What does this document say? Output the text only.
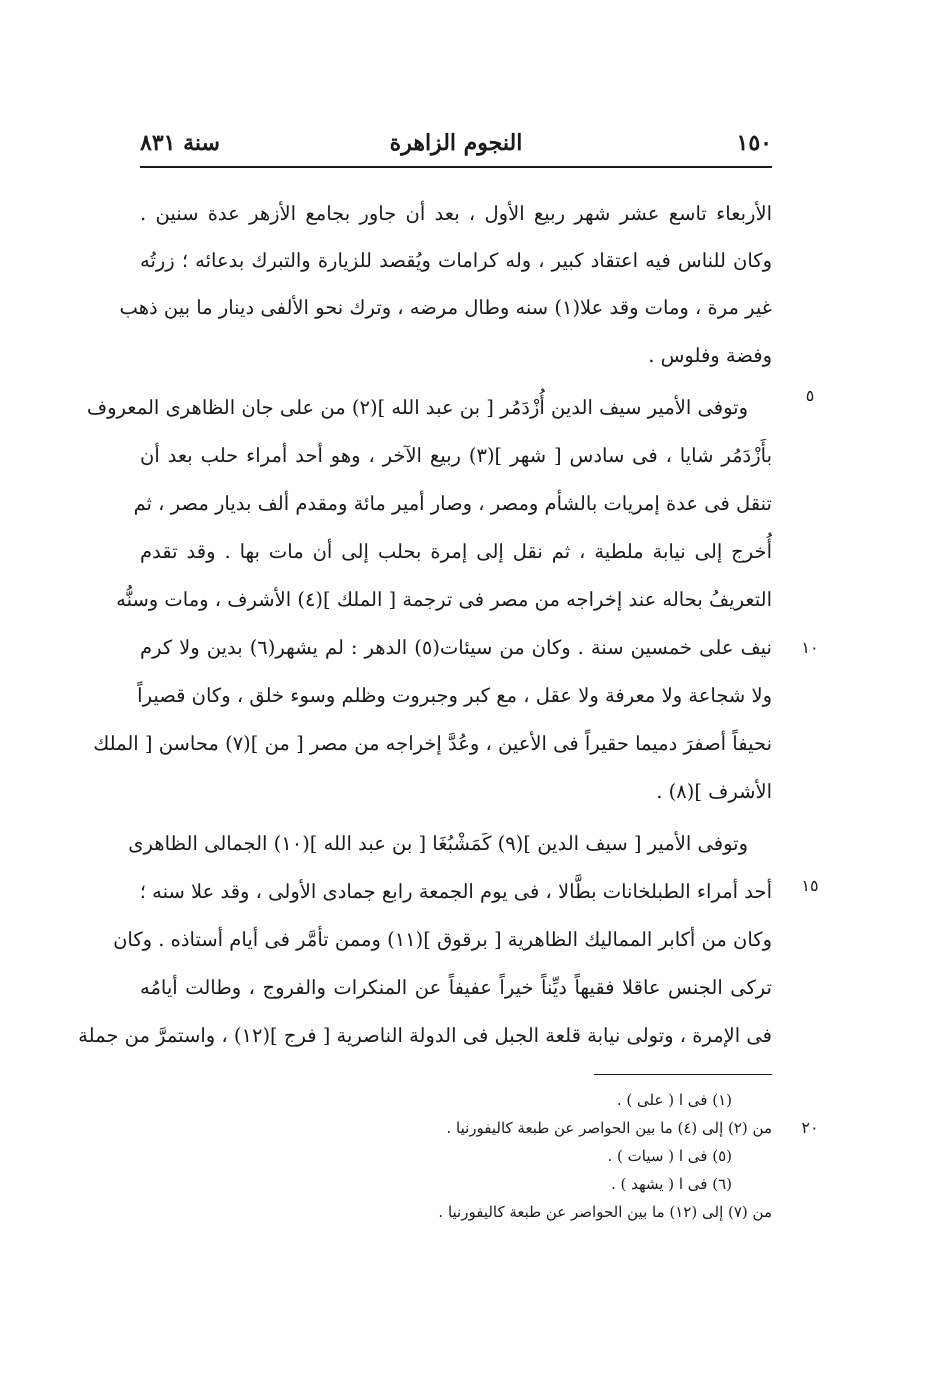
١٥٠
النجوم الزاهرة
سنة ٨٣١
الأربعاء تاسع عشر شهر ربيع الأول ، بعد أن جاور بجامع الأزهر عدة سنين .
وكان للناس فيه اعتقاد كبير ، وله كرامات ويُقصد للزيارة والتبرك بدعائه ؛ زرتُه
غير مرة ، ومات وقد علا(١) سنه وطال مرضه ، وترك نحو الألفى دينار ما بين ذهب
وفضة وفلوس .
وتوفى الأمير سيف الدين أُزْدَمُر [ بن عبد الله ](٢) من على جان الظاهرى المعروف
بأَزْدَمُر شايا ، فى سادس [ شهر ](٣) ربيع الآخر ، وهو أحد أمراء حلب بعد أن
تنقل فى عدة إمريات بالشأم ومصر ، وصار أمير مائة ومقدم ألف بديار مصر ، ثم
أُخرج إلى نيابة ملطية ، ثم نقل إلى إمرة بحلب إلى أن مات بها . وقد تقدم
التعريفُ بحاله عند إخراجه من مصر فى ترجمة [ الملك ](٤) الأشرف ، ومات وسنُّه
نيف على خمسين سنة . وكان من سيئات(٥) الدهر : لم يشهر(٦) بدين ولا كرم
ولا شجاعة ولا معرفة ولا عقل ، مع كبر وجبروت وظلم وسوء خلق ، وكان قصيراً
نحيفاً أصفرَ دميما حقيراً فى الأعين ، وعُدَّ إخراجه من مصر [ من ](٧) محاسن [ الملك
الأشرف ](٨) .
وتوفى الأمير [ سيف الدين ](٩) كَمَشْبُغَا [ بن عبد الله ](١٠) الجمالى الظاهرى
أحد أمراء الطبلخانات بطَّالا ، فى يوم الجمعة رابع جمادى الأولى ، وقد علا سنه ؛
وكان من أكابر المماليك الظاهرية [ برقوق ](١١) وممن تأمَّر فى أيام أستاذه . وكان
تركى الجنس عاقلا فقيهاً ديِّناً خيراً عفيفاً عن المنكرات والفروج ، وطالت أيامُه
فى الإمرة ، وتولى نيابة قلعة الجبل فى الدولة الناصرية [ فرج ](١٢) ، واستمرَّ من جملة
٥
١٠
١٥
٢٠
(١) فى ا ( على ) .
من (٢) إلى (٤) ما بين الحواصر عن طبعة كاليفورنيا .
(٥) فى ا ( سيات ) .
(٦) فى ا ( يشهد ) .
من (٧) إلى (١٢) ما بين الحواصر عن طبعة كاليفورنيا .
